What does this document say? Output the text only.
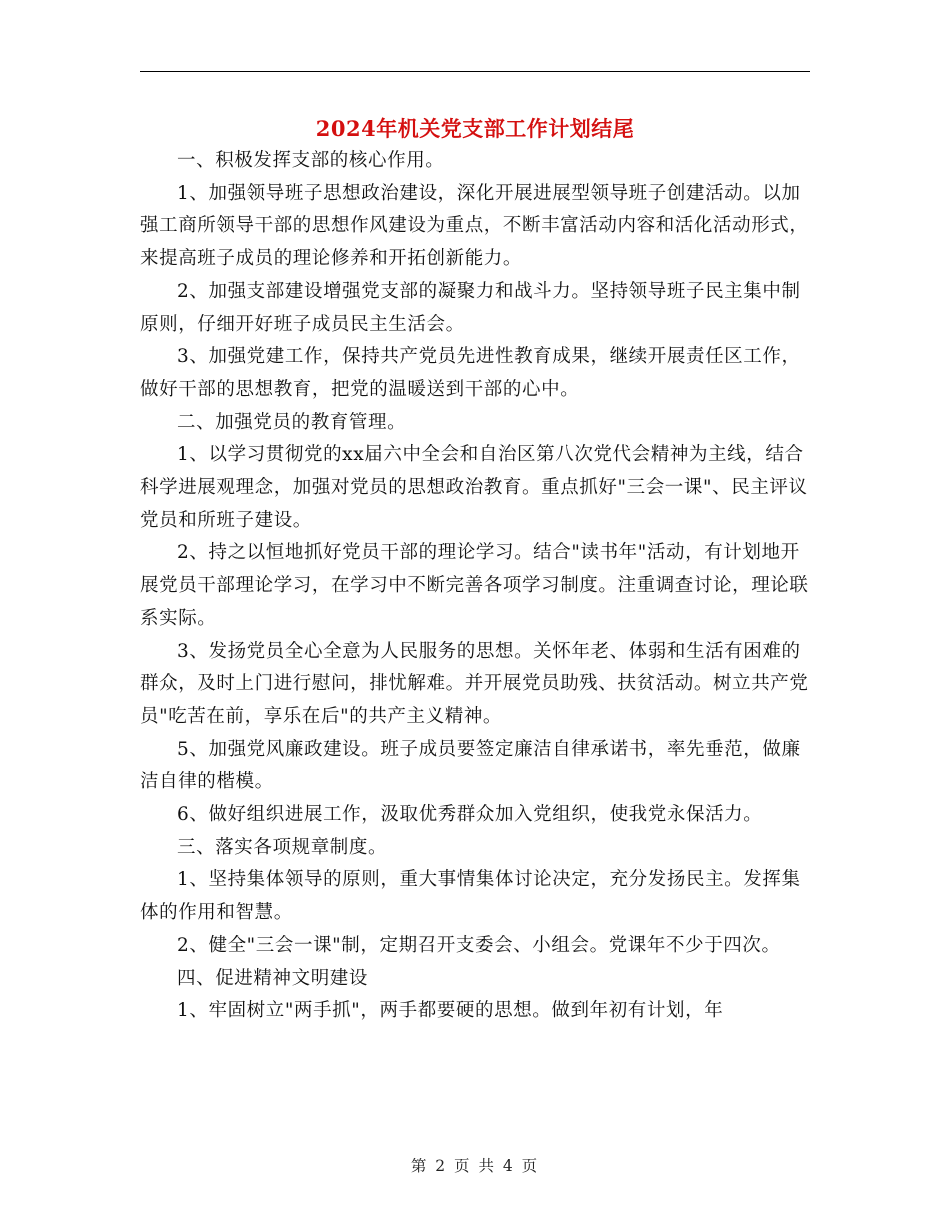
2024年机关党支部工作计划结尾

一、积极发挥支部的核心作用。

1、加强领导班子思想政治建设，深化开展进展型领导班子创建活动。以加强工商所领导干部的思想作风建设为重点，不断丰富活动内容和活化活动形式，来提高班子成员的理论修养和开拓创新能力。

2、加强支部建设增强党支部的凝聚力和战斗力。坚持领导班子民主集中制原则，仔细开好班子成员民主生活会。

3、加强党建工作，保持共产党员先进性教育成果，继续开展责任区工作，做好干部的思想教育，把党的温暖送到干部的心中。

二、加强党员的教育管理。

1、以学习贯彻党的xx届六中全会和自治区第八次党代会精神为主线，结合科学进展观理念，加强对党员的思想政治教育。重点抓好"三会一课"、民主评议党员和所班子建设。

2、持之以恒地抓好党员干部的理论学习。结合"读书年"活动，有计划地开展党员干部理论学习，在学习中不断完善各项学习制度。注重调查讨论，理论联系实际。

3、发扬党员全心全意为人民服务的思想。关怀年老、体弱和生活有困难的群众，及时上门进行慰问，排忧解难。并开展党员助残、扶贫活动。树立共产党员"吃苦在前，享乐在后"的共产主义精神。

5、加强党风廉政建设。班子成员要签定廉洁自律承诺书，率先垂范，做廉洁自律的楷模。

6、做好组织进展工作，汲取优秀群众加入党组织，使我党永保活力。

三、落实各项规章制度。

1、坚持集体领导的原则，重大事情集体讨论决定，充分发扬民主。发挥集体的作用和智慧。

2、健全"三会一课"制，定期召开支委会、小组会。党课年不少于四次。

四、促进精神文明建设

1、牢固树立"两手抓"，两手都要硬的思想。做到年初有计划，年

第 2 页 共 4 页
